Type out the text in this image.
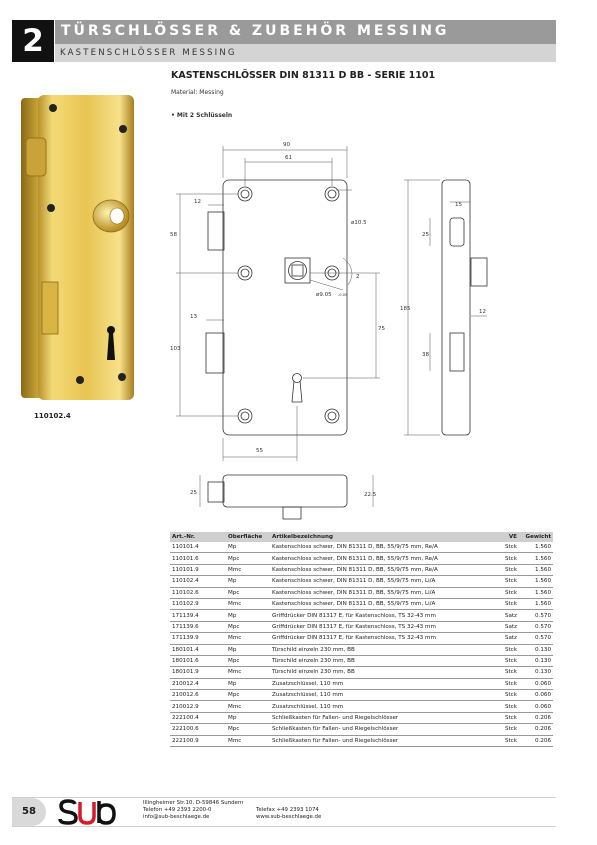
2	TÜRSCHLÖSSER & ZUBEHÖR MESSING
KASTENSCHLÖSSER MESSING
KASTENSCHLÖSSER DIN 81311 D BB - SERIE 1101
Material: Messing
• Mit 2 Schlüsseln
110102.4
90
61
12
58
13
103
55
75
185
ø10.5
ø9.05 -0.05
2
15
25
12
38
25	22.5
Art.-Nr.	Oberfläche	Artikelbezeichnung	VE	Gewicht
110101.4	Mp	Kastenschloss schwer, DIN 81311 D, BB, 55/9/75 mm, Re/A	Stck	1.560
110101.6	Mpc	Kastenschloss schwer, DIN 81311 D, BB, 55/9/75 mm, Re/A	Stck	1.560
110101.9	Mmc	Kastenschloss schwer, DIN 81311 D, BB, 55/9/75 mm, Re/A	Stck	1.560
110102.4	Mp	Kastenschloss schwer, DIN 81311 D, BB, 55/9/75 mm, Li/A	Stck	1.560
110102.6	Mpc	Kastenschloss schwer, DIN 81311 D, BB, 55/9/75 mm, Li/A	Stck	1.560
110102.9	Mmc	Kastenschloss schwer, DIN 81311 D, BB, 55/9/75 mm, Li/A	Stck	1.560
171139.4	Mp	Griffdrücker DIN 81317 E, für Kastenschloss, TS 32-43 mm	Satz	0.570
171139.6	Mpc	Griffdrücker DIN 81317 E, für Kastenschloss, TS 32-43 mm	Satz	0.570
171139.9	Mmc	Griffdrücker DIN 81317 E, für Kastenschloss, TS 32-43 mm	Satz	0.570
180101.4	Mp	Türschild einzeln 230 mm, BB	Stck	0.130
180101.6	Mpc	Türschild einzeln 230 mm, BB	Stck	0.130
180101.9	Mmc	Türschild einzeln 230 mm, BB	Stck	0.130
210012.4	Mp	Zusatzschlüssel, 110 mm	Stck	0.060
210012.6	Mpc	Zusatzschlüssel, 110 mm	Stck	0.060
210012.9	Mmc	Zusatzschlüssel, 110 mm	Stck	0.060
222100.4	Mp	Schließkasten für Fallen- und Riegelschlösser	Stck	0.206
222100.6	Mpc	Schließkasten für Fallen- und Riegelschlösser	Stck	0.206
222100.9	Mmc	Schließkasten für Fallen- und Riegelschlösser	Stck	0.206
58
Illingheimer Str.10, D-59846 Sundern
Telefon +49 2393 2200-0
info@sub-beschlaege.de
Telefax +49 2393 1074
www.sub-beschlaege.de
